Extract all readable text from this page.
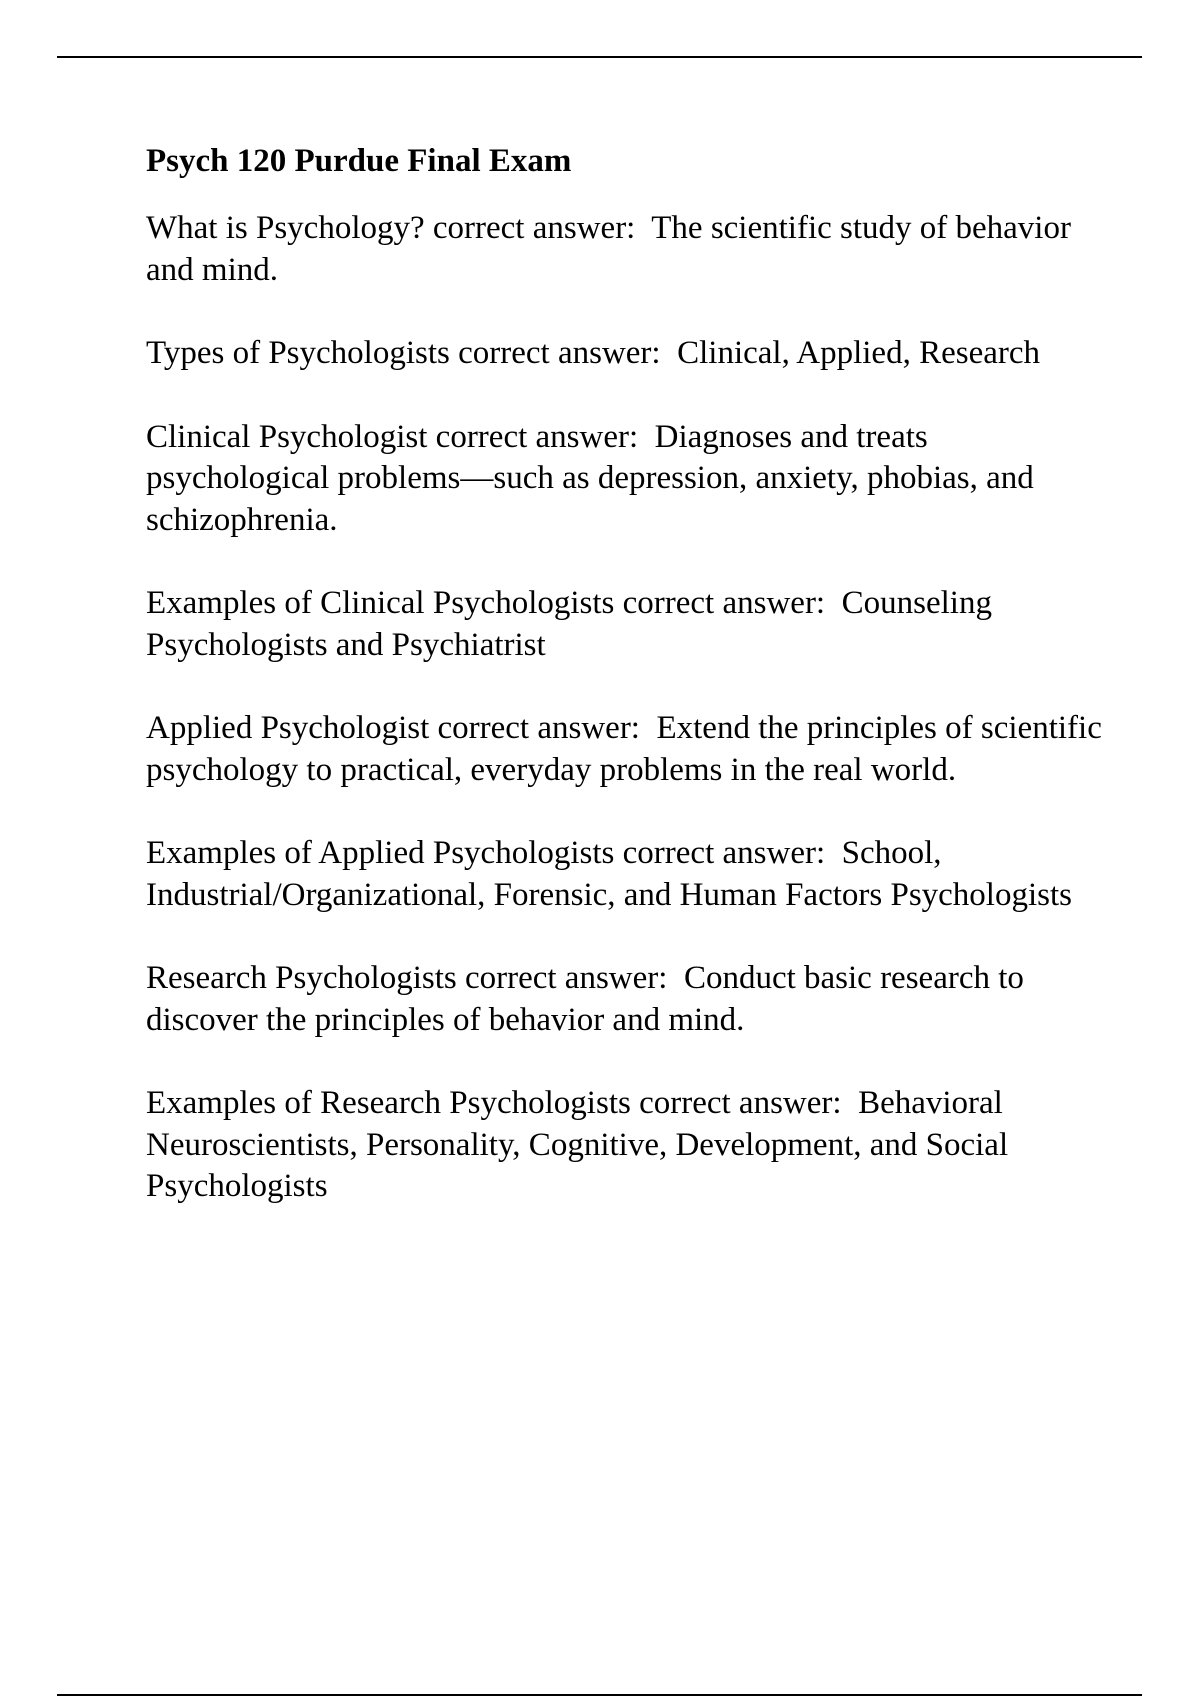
Psych 120 Purdue Final Exam

What is Psychology? correct answer: The scientific study of behavior and mind.

Types of Psychologists correct answer: Clinical, Applied, Research

Clinical Psychologist correct answer: Diagnoses and treats psychological problems—such as depression, anxiety, phobias, and schizophrenia.

Examples of Clinical Psychologists correct answer: Counseling Psychologists and Psychiatrist

Applied Psychologist correct answer: Extend the principles of scientific psychology to practical, everyday problems in the real world.

Examples of Applied Psychologists correct answer: School, Industrial/Organizational, Forensic, and Human Factors Psychologists

Research Psychologists correct answer: Conduct basic research to discover the principles of behavior and mind.

Examples of Research Psychologists correct answer: Behavioral Neuroscientists, Personality, Cognitive, Development, and Social Psychologists
